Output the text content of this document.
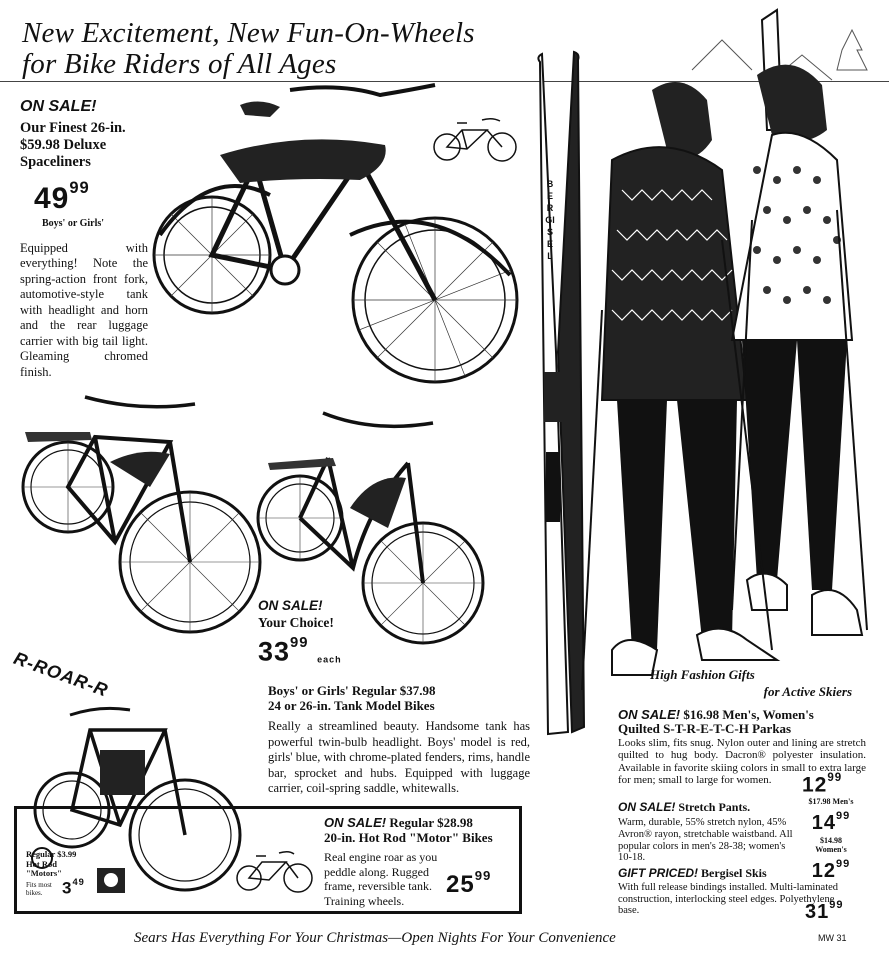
New Excitement, New Fun-On-Wheels
for Bike Riders of All Ages
ON SALE!
Our Finest 26-in.
$59.98 Deluxe
Spaceliners
$49^{99}$
Boys' or Girls'
Equipped with everything! Note the spring-action front fork, automotive-style tank with headlight and horn and the rear luggage carrier with big tail light. Gleaming chromed finish.
ON SALE!
Your Choice!
$33^{99}$ each
Boys' or Girls' Regular $37.98
24 or 26-in. Tank Model Bikes
Really a streamlined beauty. Handsome tank has powerful twin-bulb headlight. Boys' model is red, girls' blue, with chrome-plated fenders, rims, handle bar, sprocket and hubs. Equipped with luggage carrier, coil-spring saddle, whitewalls.
R-ROAR-R
Regular $3.99
Hot Rod
"Motors"
Fits most bikes.	$3^{49}$
ON SALE! Regular $28.98
20-in. Hot Rod "Motor" Bikes
Real engine roar as you peddle along. Rugged frame, reversible tank. Training wheels.
$25^{99}$
BERGISEL
High Fashion Gifts
for Active Skiers
ON SALE! $16.98 Men's, Women's
Quilted S-T-R-E-T-C-H Parkas
Looks slim, fits snug. Nylon outer and lining are stretch quilted to hug body. Dacron® polyester insulation. Available in favorite skiing colors in small to extra large for men; small to large for women.	$12^{99}$
ON SALE! Stretch Pants.
Warm, durable, 55% stretch nylon, 45% Avron® rayon, stretchable waistband. All popular colors in men's 28-38; women's 10-18.
$17.98 Men's
$14^{99}$
$14.98
Women's
$12^{99}$
GIFT PRICED! Bergisel Skis
With full release bindings installed. Multi-laminated construction, interlocking steel edges. Polyethylene base.	$31^{99}$
Sears Has Everything For Your Christmas—Open Nights For Your Convenience	MW 31
